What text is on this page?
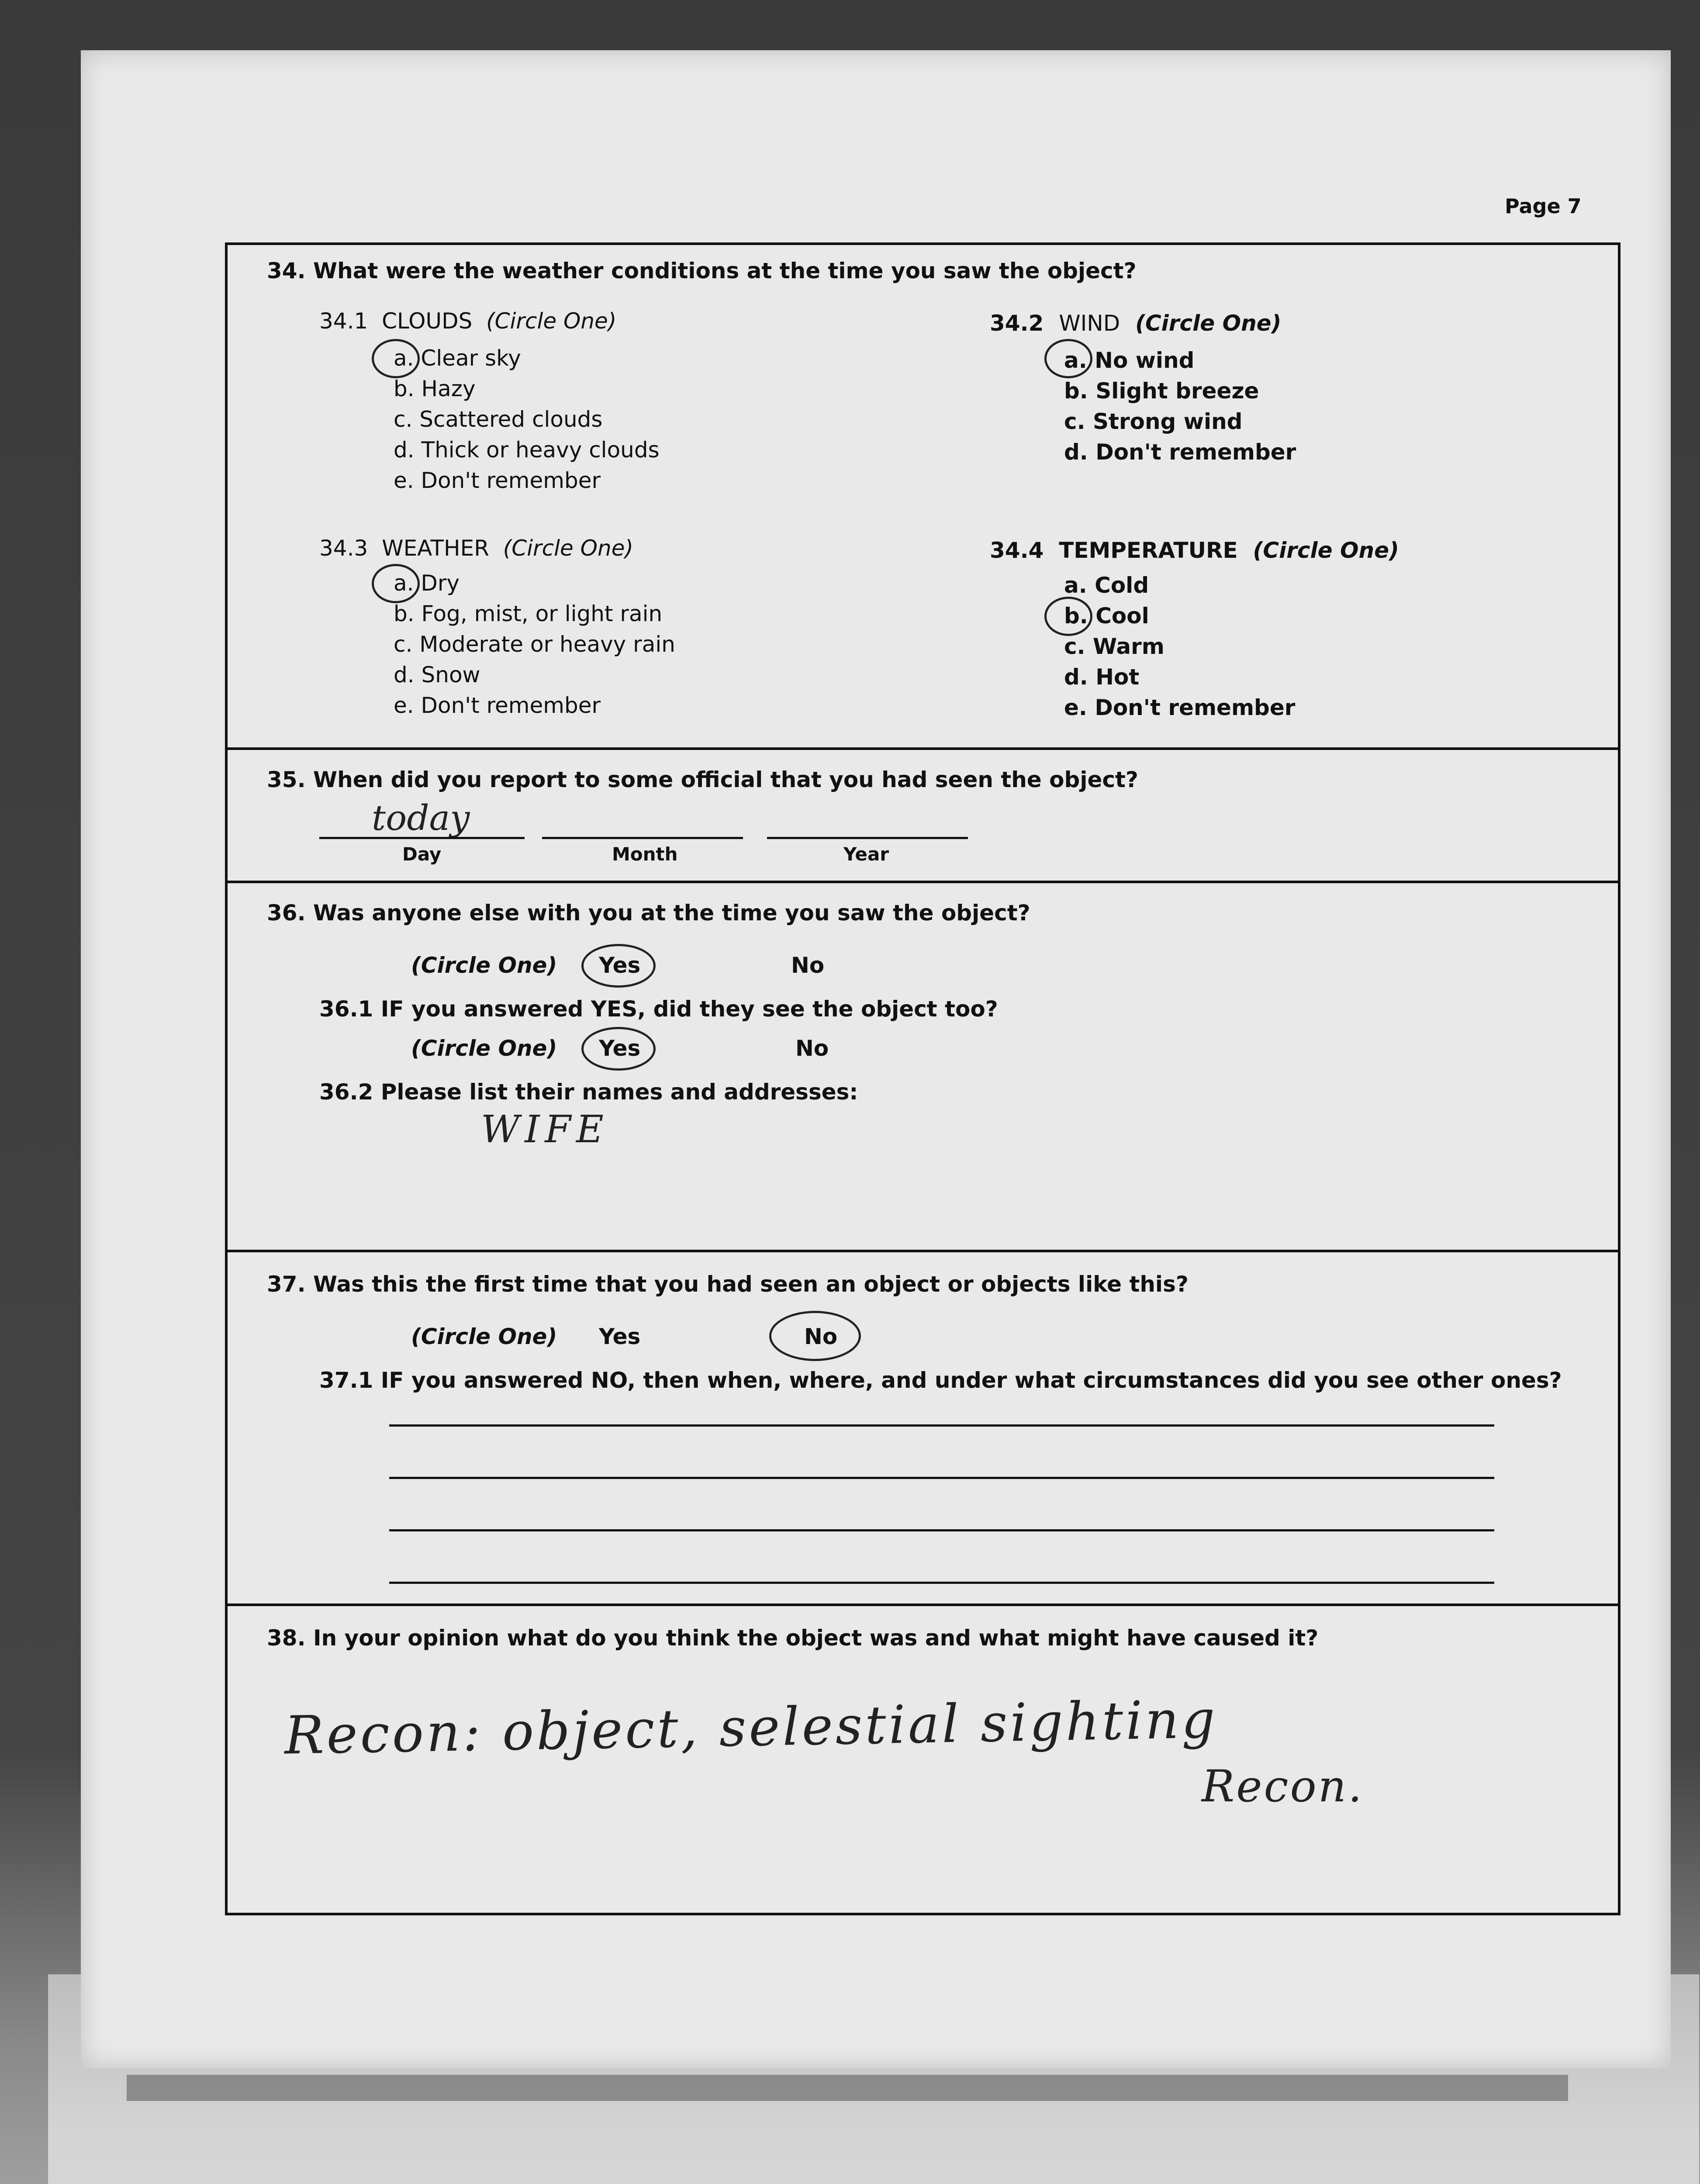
Page 7
34. What were the weather conditions at the time you saw the object?
34.1 CLOUDS (Circle One)
a. Clear sky
b. Hazy
c. Scattered clouds
d. Thick or heavy clouds
e. Don't remember
34.2 WIND (Circle One)
a. No wind
b. Slight breeze
c. Strong wind
d. Don't remember
34.3 WEATHER (Circle One)
a. Dry
b. Fog, mist, or light rain
c. Moderate or heavy rain
d. Snow
e. Don't remember
34.4 TEMPERATURE (Circle One)
a. Cold
b. Cool
c. Warm
d. Hot
e. Don't remember
35. When did you report to some official that you had seen the object?
today
Day	Month	Year
36. Was anyone else with you at the time you saw the object?
(Circle One) Yes	No
36.1 IF you answered YES, did they see the object too?
(Circle One) Yes	No
36.2 Please list their names and addresses:
WIFE
37. Was this the first time that you had seen an object or objects like this?
(Circle One) Yes	No
37.1 IF you answered NO, then when, where, and under what circumstances did you see other ones?
38. In your opinion what do you think the object was and what might have caused it?
Recon: object, selestial sighting
Recon.
